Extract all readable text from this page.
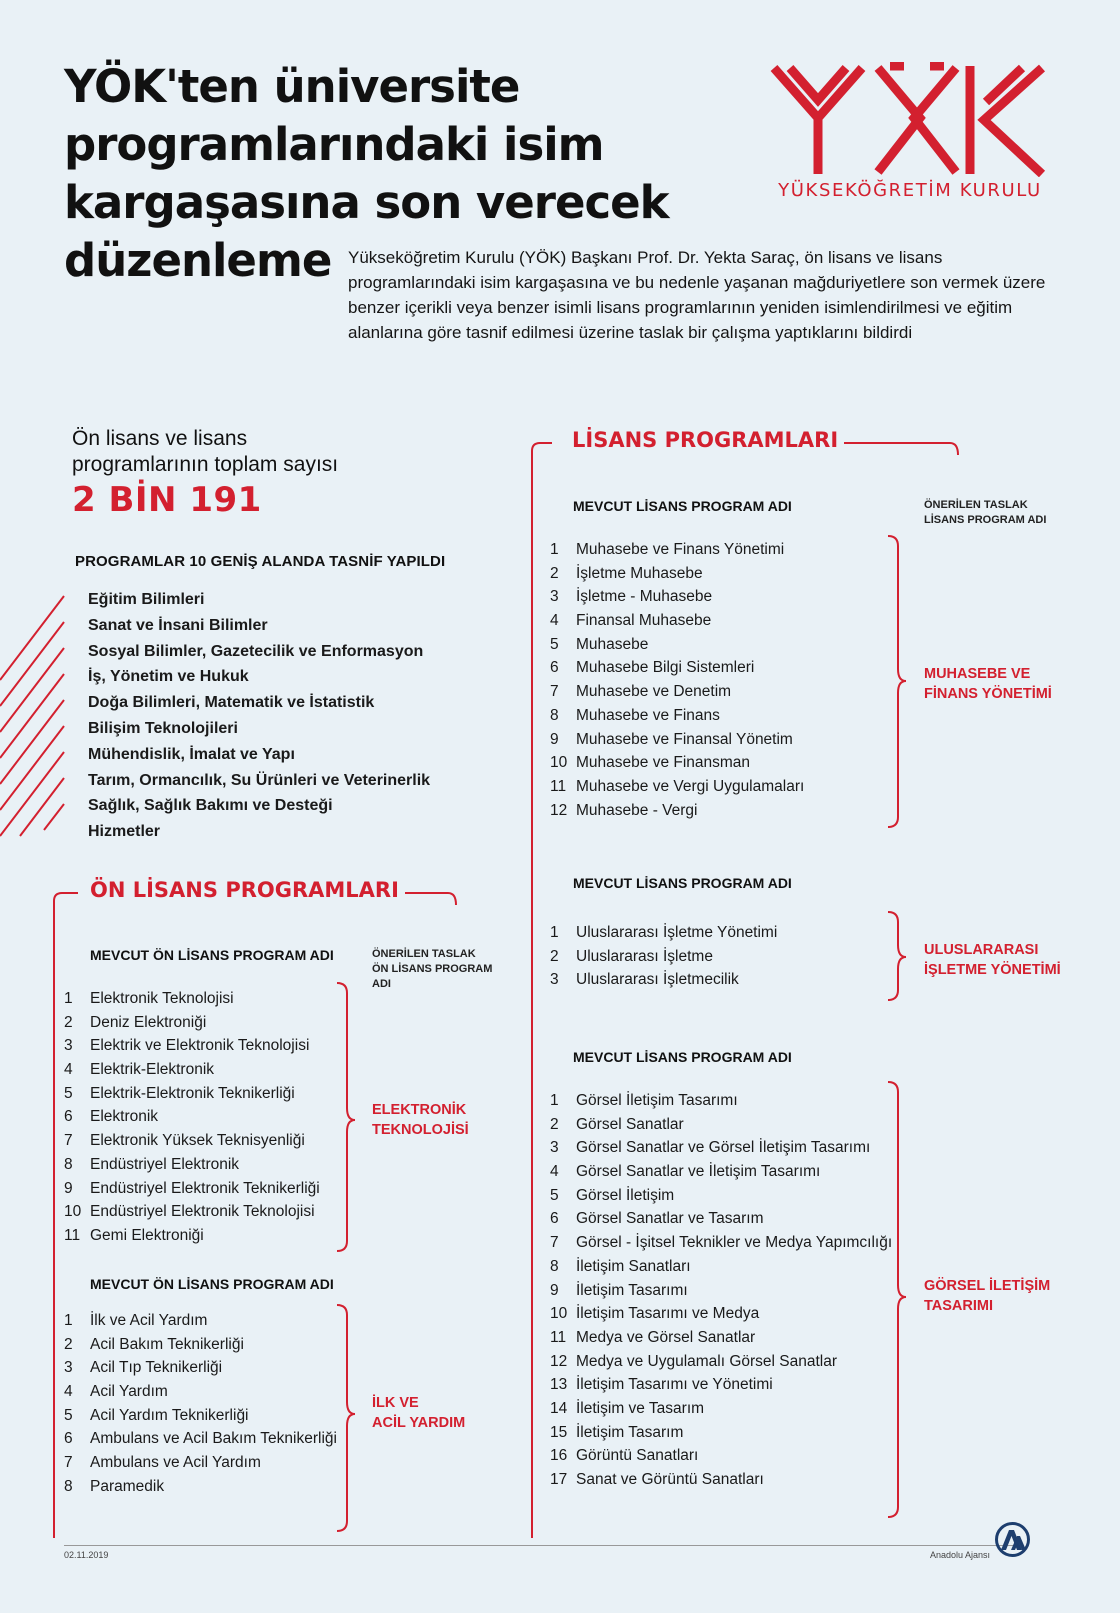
YÖK'ten üniversite
programlarındaki isim
kargaşasına son verecek
düzenleme
YÜKSEKÖĞRETİM KURULU
Yükseköğretim Kurulu (YÖK) Başkanı Prof. Dr. Yekta Saraç, ön lisans ve lisans programlarındaki isim kargaşasına ve bu nedenle yaşanan mağduriyetlere son vermek üzere benzer içerikli veya benzer isimli lisans programlarının yeniden isimlendirilmesi ve eğitim alanlarına göre tasnif edilmesi üzerine taslak bir çalışma yaptıklarını bildirdi
Ön lisans ve lisans
programlarının toplam sayısı
2 BİN 191
PROGRAMLAR 10 GENİŞ ALANDA TASNİF YAPILDI
Eğitim Bilimleri
Sanat ve İnsani Bilimler
Sosyal Bilimler, Gazetecilik ve Enformasyon
İş, Yönetim ve Hukuk
Doğa Bilimleri, Matematik ve İstatistik
Bilişim Teknolojileri
Mühendislik, İmalat ve Yapı
Tarım, Ormancılık, Su Ürünleri ve Veterinerlik
Sağlık, Sağlık Bakımı ve Desteği
Hizmetler
ÖN LİSANS PROGRAMLARI
MEVCUT ÖN LİSANS PROGRAM ADI	ÖNERİLEN TASLAK
ÖN LİSANS PROGRAM
ADI
1 Elektronik Teknolojisi
2 Deniz Elektroniği
3 Elektrik ve Elektronik Teknolojisi
4 Elektrik-Elektronik
5 Elektrik-Elektronik Teknikerliği
6 Elektronik
7 Elektronik Yüksek Teknisyenliği
8 Endüstriyel Elektronik
9 Endüstriyel Elektronik Teknikerliği
10 Endüstriyel Elektronik Teknolojisi
11 Gemi Elektroniği
ELEKTRONİK
TEKNOLOJİSİ
MEVCUT ÖN LİSANS PROGRAM ADI
1 İlk ve Acil Yardım
2 Acil Bakım Teknikerliği
3 Acil Tıp Teknikerliği
4 Acil Yardım
5 Acil Yardım Teknikerliği
6 Ambulans ve Acil Bakım Teknikerliği
7 Ambulans ve Acil Yardım
8 Paramedik
İLK VE
ACİL YARDIM
LİSANS PROGRAMLARI
ÖNERİLEN TASLAK
LİSANS PROGRAM ADI
MEVCUT LİSANS PROGRAM ADI
1 Muhasebe ve Finans Yönetimi
2 İşletme Muhasebe
3 İşletme - Muhasebe
4 Finansal Muhasebe
5 Muhasebe
6 Muhasebe Bilgi Sistemleri
7 Muhasebe ve Denetim
8 Muhasebe ve Finans
9 Muhasebe ve Finansal Yönetim
10 Muhasebe ve Finansman
11 Muhasebe ve Vergi Uygulamaları
12 Muhasebe - Vergi
MUHASEBE VE
FİNANS YÖNETİMİ
MEVCUT LİSANS PROGRAM ADI
1 Uluslararası İşletme Yönetimi
2 Uluslararası İşletme
3 Uluslararası İşletmecilik
ULUSLARARASI
İŞLETME YÖNETİMİ
MEVCUT LİSANS PROGRAM ADI
1 Görsel İletişim Tasarımı
2 Görsel Sanatlar
3 Görsel Sanatlar ve Görsel İletişim Tasarımı
4 Görsel Sanatlar ve İletişim Tasarımı
5 Görsel İletişim
6 Görsel Sanatlar ve Tasarım
7 Görsel - İşitsel Teknikler ve Medya Yapımcılığı
8 İletişim Sanatları
9 İletişim Tasarımı
10 İletişim Tasarımı ve Medya
11 Medya ve Görsel Sanatlar
12 Medya ve Uygulamalı Görsel Sanatlar
13 İletişim Tasarımı ve Yönetimi
14 İletişim ve Tasarım
15 İletişim Tasarım
16 Görüntü Sanatları
17 Sanat ve Görüntü Sanatları
GÖRSEL İLETİŞİM
TASARIMI
02.11.2019	Anadolu Ajansı
